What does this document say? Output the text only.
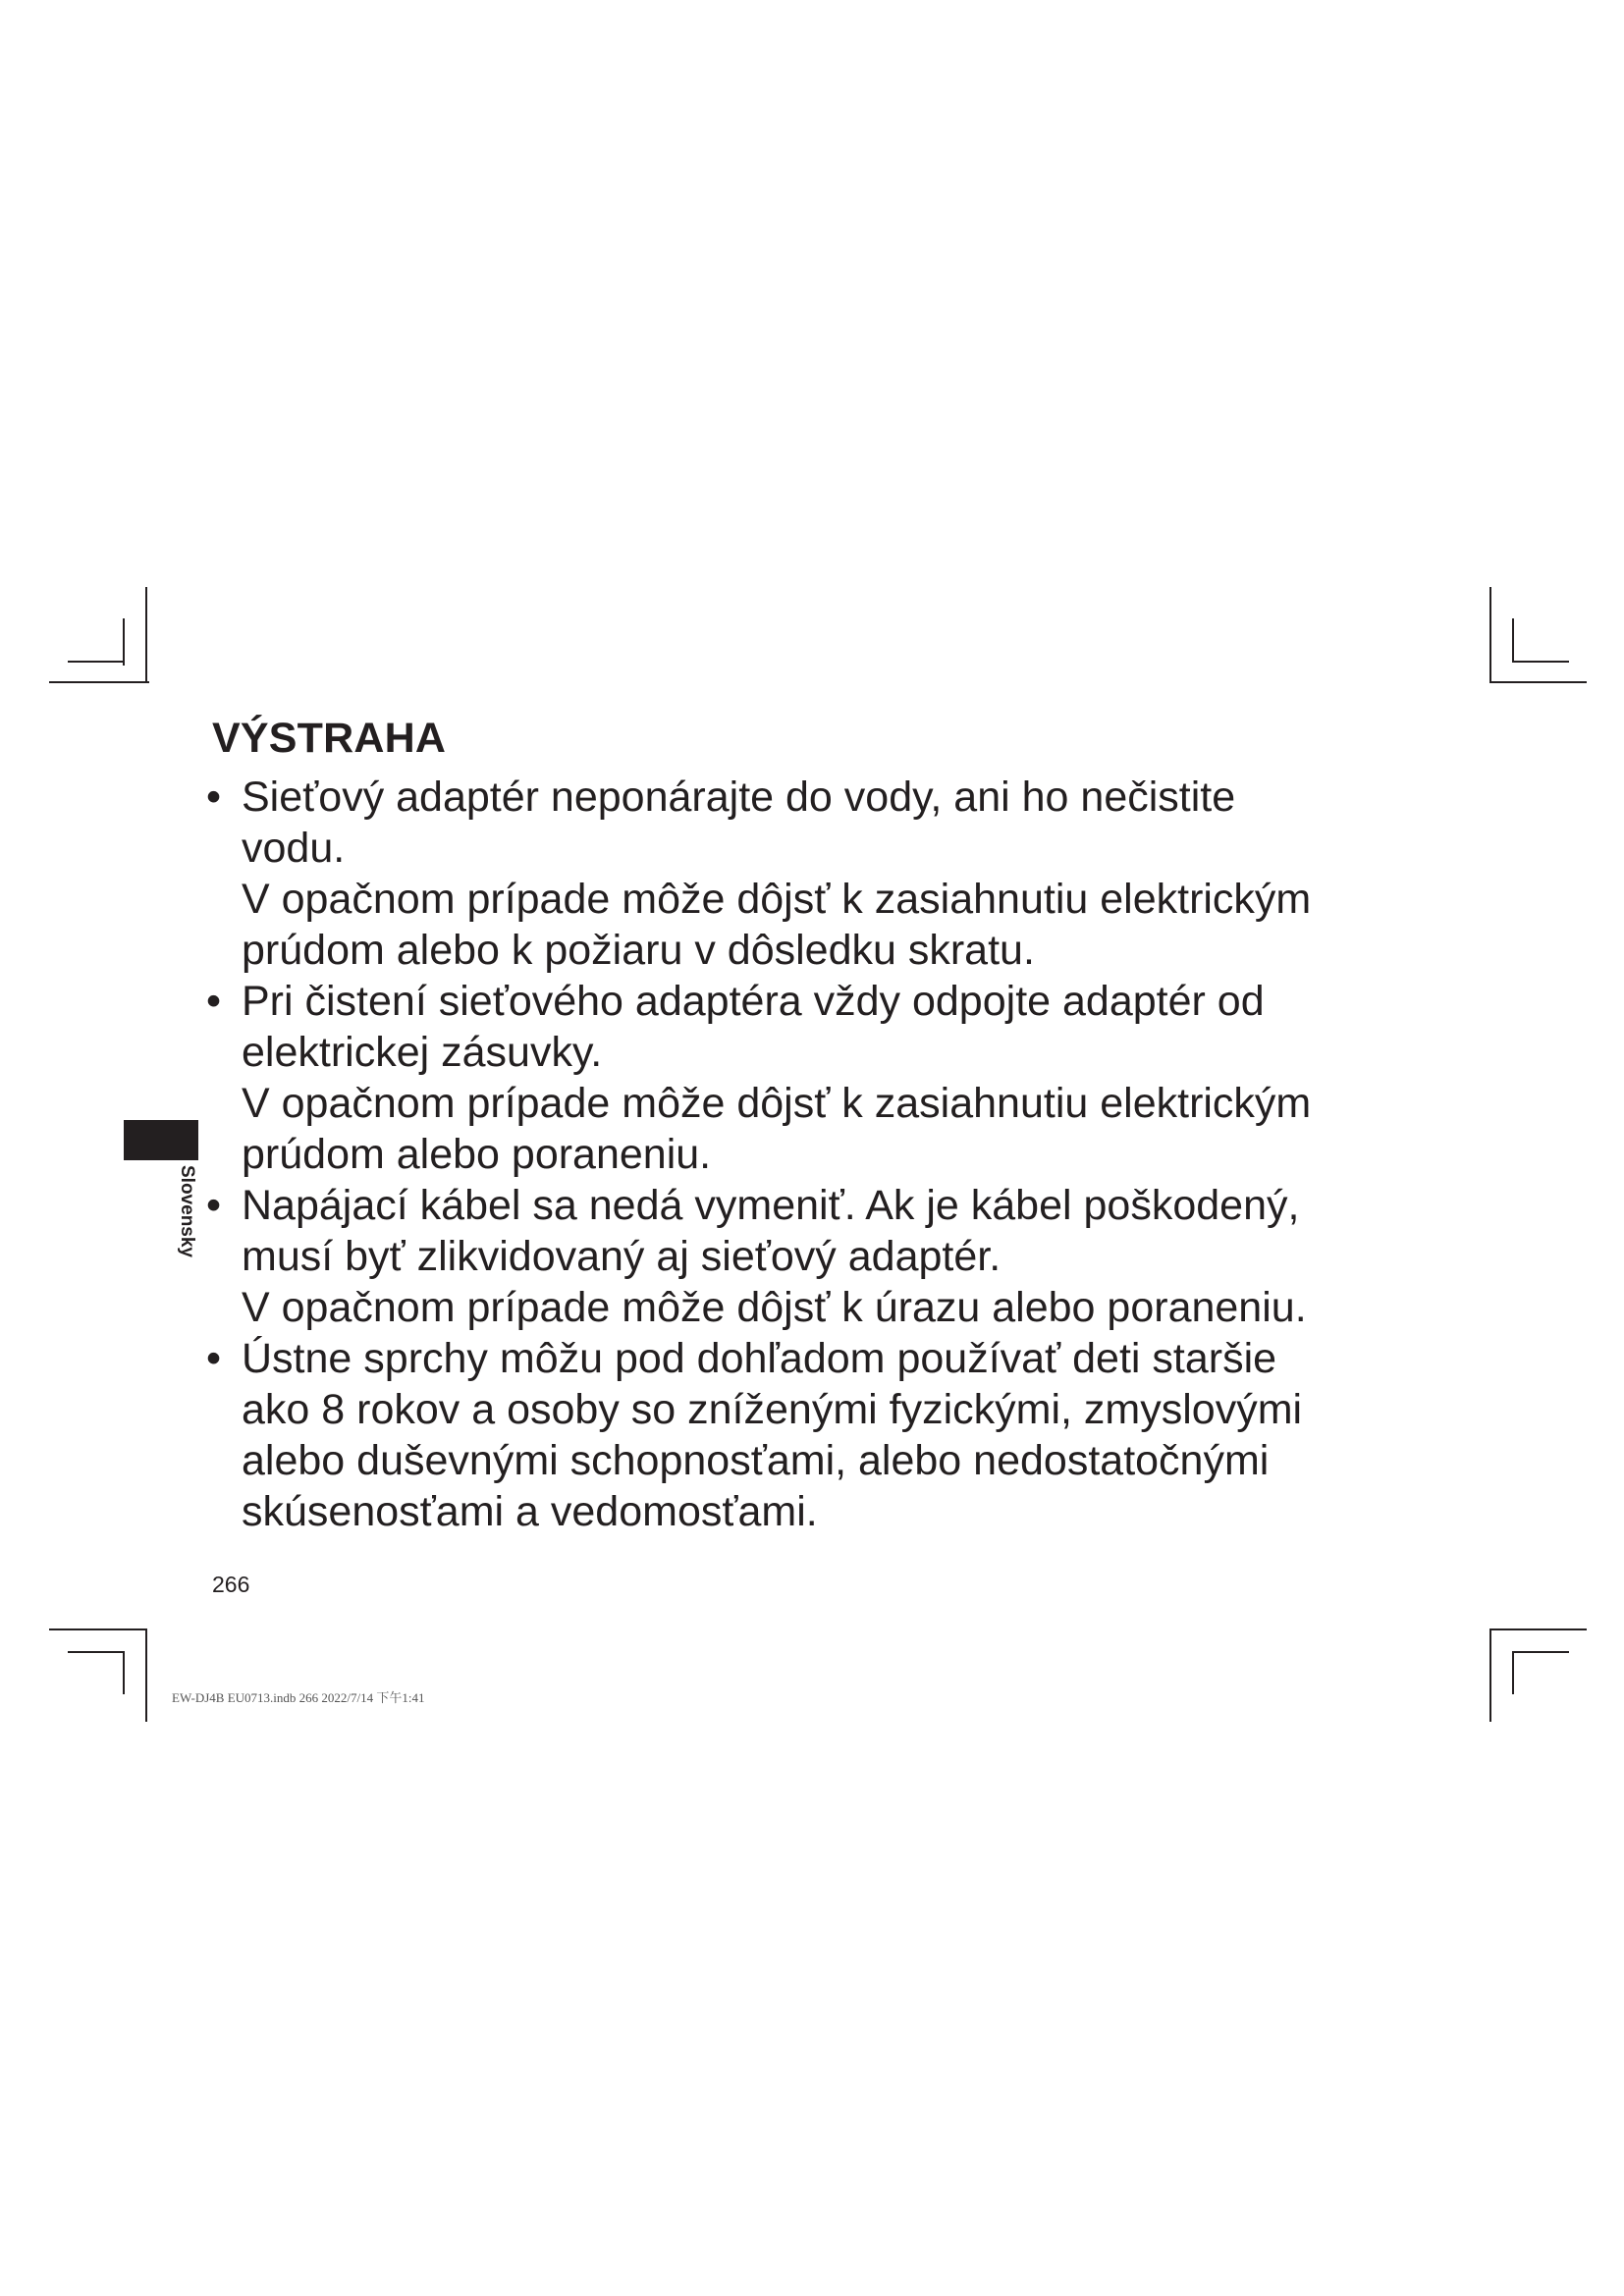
VÝSTRAHA
• Sieťový adaptér neponárajte do vody, ani ho nečistite
vodu.
V opačnom prípade môže dôjsť k zasiahnutiu elektrickým
prúdom alebo k požiaru v dôsledku skratu.
• Pri čistení sieťového adaptéra vždy odpojte adaptér od
elektrickej zásuvky.
V opačnom prípade môže dôjsť k zasiahnutiu elektrickým
prúdom alebo poraneniu.
• Napájací kábel sa nedá vymeniť. Ak je kábel poškodený,
musí byť zlikvidovaný aj sieťový adaptér.
V opačnom prípade môže dôjsť k úrazu alebo poraneniu.
• Ústne sprchy môžu pod dohľadom používať deti staršie
ako 8 rokov a osoby so zníženými fyzickými, zmyslovými
alebo duševnými schopnosťami, alebo nedostatočnými
skúsenosťami a vedomosťami.

Slovensky

266

EW-DJ4B EU0713.indb 266 2022/7/14 下午1:41
